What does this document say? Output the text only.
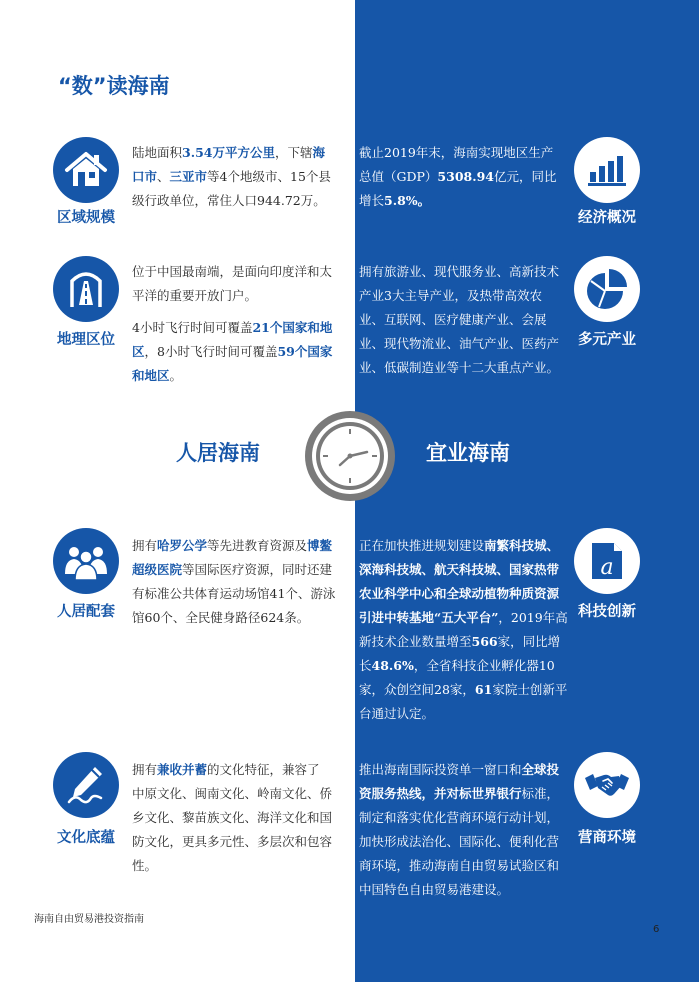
“数”读海南
区域规模
陆地面积3.54万平方公里，下辖海口市、三亚市等4个地级市、15个县级行政单位，常住人口944.72万。
经济概况
截止2019年末，海南实现地区生产总值（GDP）5308.94亿元，同比增长5.8%。
地理区位
位于中国最南端，是面向印度洋和太平洋的重要开放门户。
4小时飞行时间可覆盖21个国家和地区，8小时飞行时间可覆盖59个国家和地区。
多元产业
拥有旅游业、现代服务业、高新技术产业3大主导产业，及热带高效农业、互联网、医疗健康产业、会展业、现代物流业、油气产业、医药产业、低碳制造业等十二大重点产业。
人居海南	宜业海南
人居配套
拥有哈罗公学等先进教育资源及博鳌超级医院等国际医疗资源，同时还建有标准公共体育运动场馆41个、游泳馆60个、全民健身路径624条。
a
科技创新
正在加快推进规划建设南繁科技城、深海科技城、航天科技城、国家热带农业科学中心和全球动植物种质资源引进中转基地“五大平台”，2019年高新技术企业数量增至566家，同比增长48.6%，全省科技企业孵化器10家，众创空间28家，61家院士创新平台通过认定。
文化底蕴
拥有兼收并蓄的文化特征，兼容了中原文化、闽南文化、岭南文化、侨乡文化、黎苗族文化、海洋文化和国防文化，更具多元性、多层次和包容性。
营商环境
推出海南国际投资单一窗口和全球投资服务热线，并对标世界银行标准，制定和落实优化营商环境行动计划，加快形成法治化、国际化、便利化营商环境，推动海南自由贸易试验区和中国特色自由贸易港建设。
海南自由贸易港投资指南
6
